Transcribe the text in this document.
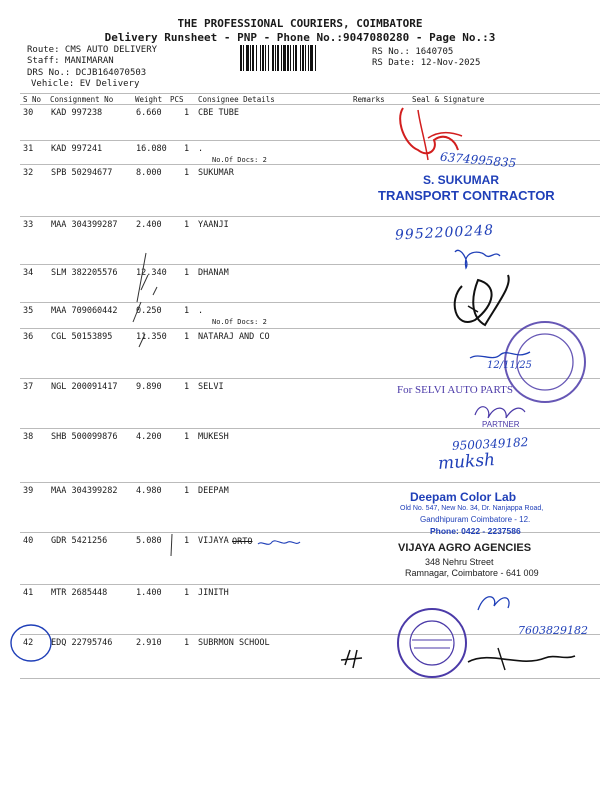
THE PROFESSIONAL COURIERS, COIMBATORE
Delivery Runsheet - PNP - Phone No.:9047080280 - Page No.:3
Route: CMS AUTO DELIVERY
Staff: MANIMARAN
DRS No.: DCJB164070503
Vehicle: EV Delivery
RS No.: 1640705
RS Date: 12-Nov-2025
S No Consignment No	Weight PCS Consignee Details	Remarks	Seal & Signature
30 KAD 997238	6.660	1 CBE TUBE
31 KAD 997241	16.080	1 .
No.Of Docs: 2
32 SPB 50294677	8.000	1 SUKUMAR
33 MAA 304399287 2.400	1 YAANJI
34 SLM 382205576 12.340	1 DHANAM
35 MAA 709060442 0.250	1 .
No.Of Docs: 2
36 CGL 50153895	11.350	1 NATARAJ AND CO
37 NGL 200091417 9.890	1 SELVI
38 SHB 500099876 4.200	1 MUKESH
39 MAA 304399282 4.980	1 DEEPAM
40 GDR 5421256	5.080	1 VIJAYA
41 MTR 2685448	1.400	1 JINITH
42 EDQ 22795746	2.910	1 SUBRMON SCHOOL
ORTO
6374995835
S. SUKUMAR
TRANSPORT CONTRACTOR
9952200248
12/11/25
For SELVI AUTO PARTS
PARTNER
9500349182
muksh
Deepam Color Lab
Old No. 547, New No. 34, Dr. Nanjappa Road,
Gandhipuram Coimbatore - 12.
Phone: 0422 - 2237586
VIJAYA AGRO AGENCIES
348 Nehru Street
Ramnagar, Coimbatore - 641 009
7603829182
